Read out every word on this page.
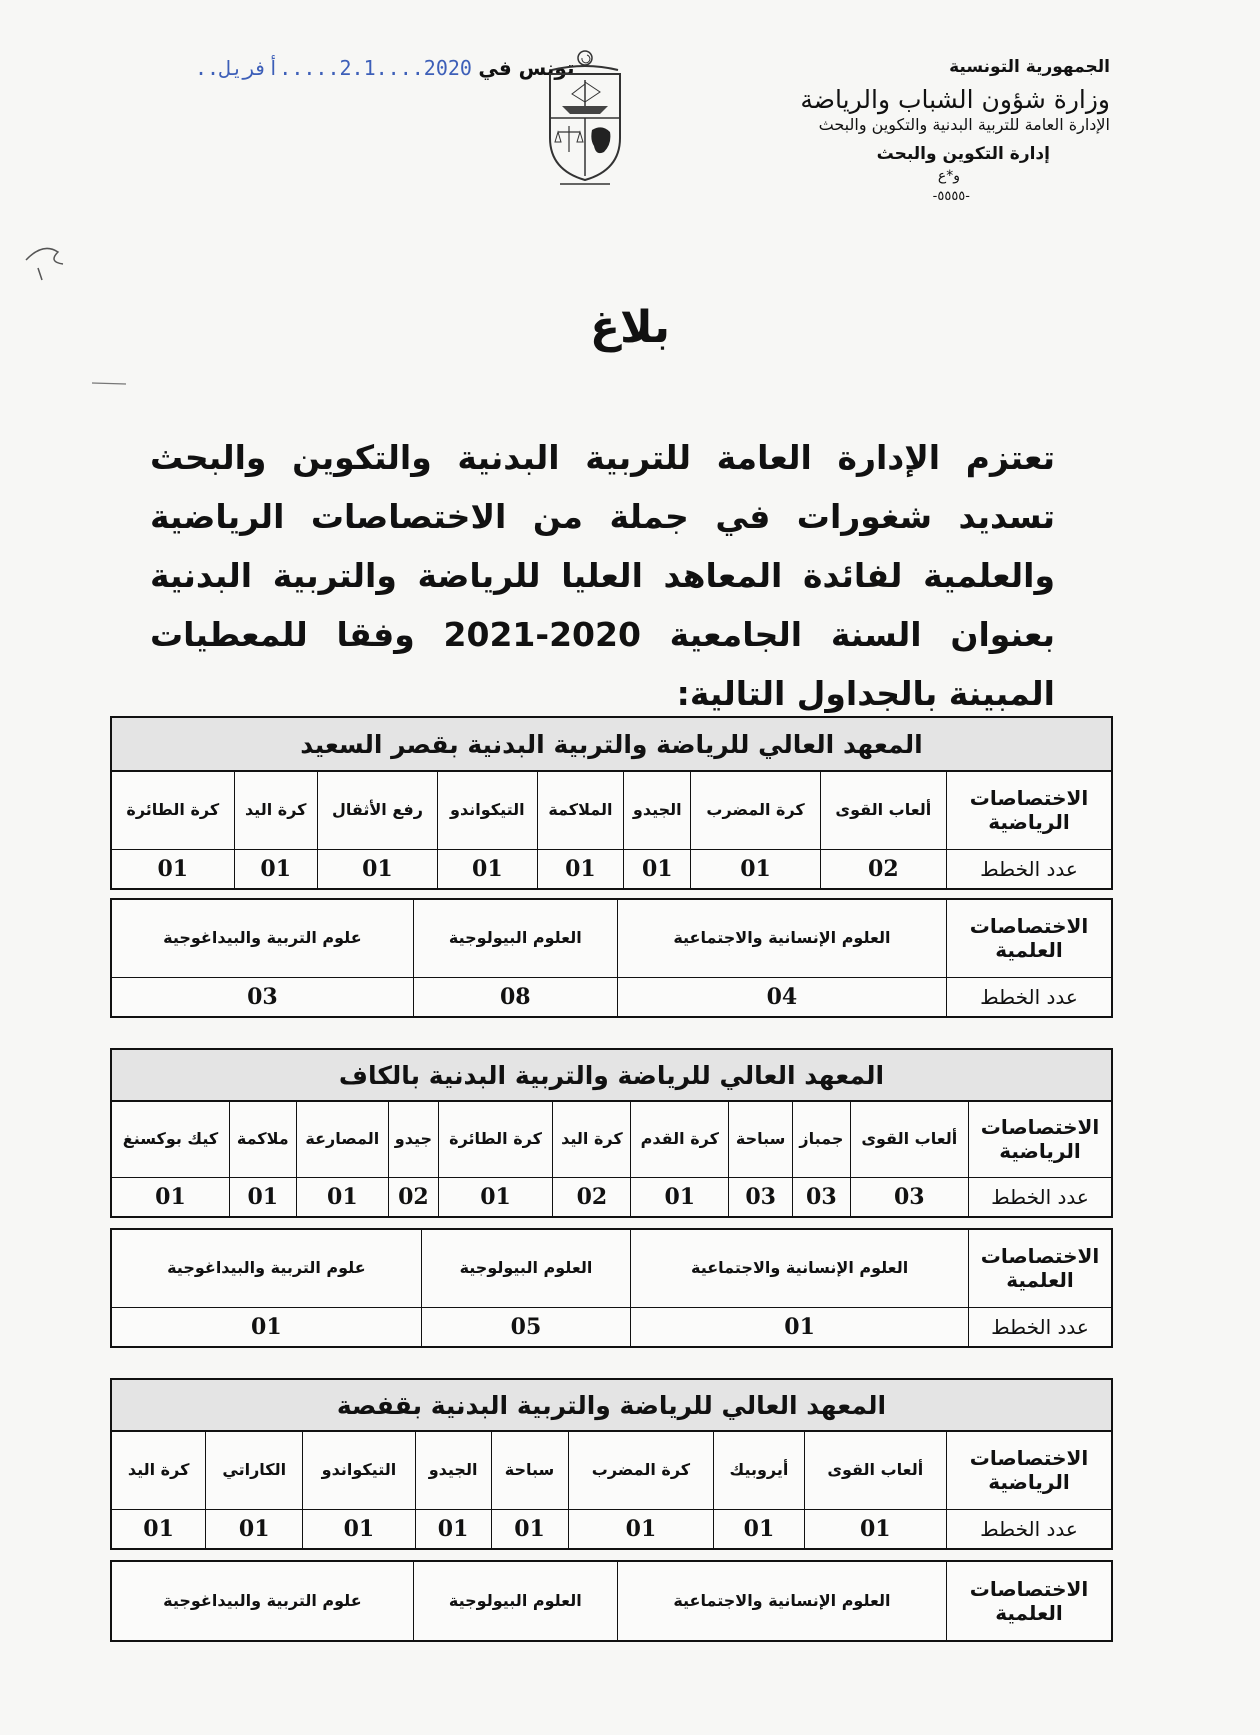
الجمهورية التونسية
وزارة شؤون الشباب والرياضة
الإدارة العامة للتربية البدنية والتكوين والبحث
إدارة التكوين والبحث
و*ع
-٥٥٥٥-
تونس في 2020....2.1.....أفريل..
بلاغ
تعتزم الإدارة العامة للتربية البدنية والتكوين والبحث تسديد شغورات في جملة من الاختصاصات الرياضية والعلمية لفائدة المعاهد العليا للرياضة والتربية البدنية بعنوان السنة الجامعية 2020-2021 وفقا للمعطيات المبينة بالجداول التالية:
المعهد العالي للرياضة والتربية البدنية بقصر السعيد								
الاختصاصات الرياضية	ألعاب القوى	كرة المضرب	الجيدو	الملاكمة	التيكواندو	رفع الأثقال	كرة اليد	كرة الطائرة
عدد الخطط	02	01	01	01	01	01	01	01
الاختصاصات العلمية	العلوم الإنسانية والاجتماعية	العلوم البيولوجية	علوم التربية والبيداغوجية
عدد الخطط	04	08	03
المعهد العالي للرياضة والتربية البدنية بالكاف										
الاختصاصات الرياضية	ألعاب القوى	جمباز	سباحة	كرة القدم	كرة اليد	كرة الطائرة	جيدو	المصارعة	ملاكمة	كيك بوكسنغ
عدد الخطط	03	03	03	01	02	01	02	01	01	01
الاختصاصات العلمية	العلوم الإنسانية والاجتماعية	العلوم البيولوجية	علوم التربية والبيداغوجية
عدد الخطط	01	05	01
المعهد العالي للرياضة والتربية البدنية بقفصة								
الاختصاصات الرياضية	ألعاب القوى	أيروبيك	كرة المضرب	سباحة	الجيدو	التيكواندو	الكاراتي	كرة اليد
عدد الخطط	01	01	01	01	01	01	01	01
الاختصاصات العلمية	العلوم الإنسانية والاجتماعية	العلوم البيولوجية	علوم التربية والبيداغوجية
